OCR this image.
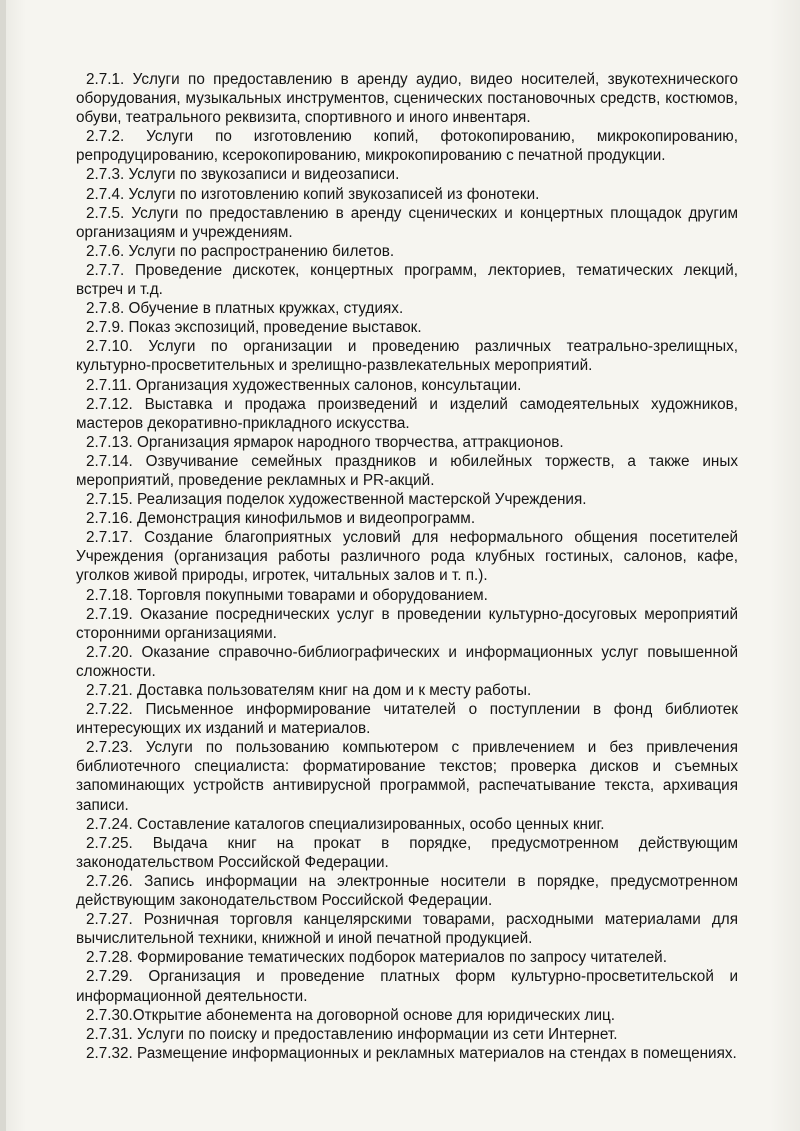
2.7.1. Услуги по предоставлению в аренду аудио, видео носителей, звукотехнического оборудования, музыкальных инструментов, сценических постановочных средств, костюмов, обуви, театрального реквизита, спортивного и иного инвентаря.

2.7.2. Услуги по изготовлению копий, фотокопированию, микрокопированию, репродуцированию, ксерокопированию, микрокопированию с печатной продукции.

2.7.3. Услуги по звукозаписи и видеозаписи.

2.7.4. Услуги по изготовлению копий звукозаписей из фонотеки.

2.7.5. Услуги по предоставлению в аренду сценических и концертных площадок другим организациям и учреждениям.

2.7.6. Услуги по распространению билетов.

2.7.7. Проведение дискотек, концертных программ, лекториев, тематических лекций, встреч и т.д.

2.7.8. Обучение в платных кружках, студиях.

2.7.9. Показ экспозиций, проведение выставок.

2.7.10. Услуги по организации и проведению различных театрально-зрелищных, культурно-просветительных и зрелищно-развлекательных мероприятий.

2.7.11. Организация художественных салонов, консультации.

2.7.12. Выставка и продажа произведений и изделий самодеятельных художников, мастеров декоративно-прикладного искусства.

2.7.13. Организация ярмарок народного творчества, аттракционов.

2.7.14. Озвучивание семейных праздников и юбилейных торжеств, а также иных мероприятий, проведение рекламных и PR-акций.

2.7.15. Реализация поделок художественной мастерской Учреждения.

2.7.16. Демонстрация кинофильмов и видеопрограмм.

2.7.17. Создание благоприятных условий для неформального общения посетителей Учреждения (организация работы различного рода клубных гостиных, салонов, кафе, уголков живой природы, игротек, читальных залов и т. п.).

2.7.18. Торговля покупными товарами и оборудованием.

2.7.19. Оказание посреднических услуг в проведении культурно-досуговых мероприятий сторонними организациями.

2.7.20. Оказание справочно-библиографических и информационных услуг повышенной сложности.

2.7.21. Доставка пользователям книг на дом и к месту работы.

2.7.22. Письменное информирование читателей о поступлении в фонд библиотек интересующих их изданий и материалов.

2.7.23. Услуги по пользованию компьютером с привлечением и без привлечения библиотечного специалиста: форматирование текстов; проверка дисков и съемных запоминающих устройств антивирусной программой, распечатывание текста, архивация записи.

2.7.24. Составление каталогов специализированных, особо ценных книг.

2.7.25. Выдача книг на прокат в порядке, предусмотренном действующим законодательством Российской Федерации.

2.7.26. Запись информации на электронные носители в порядке, предусмотренном действующим законодательством Российской Федерации.

2.7.27. Розничная торговля канцелярскими товарами, расходными материалами для вычислительной техники, книжной и иной печатной продукцией.

2.7.28. Формирование тематических подборок материалов по запросу читателей.

2.7.29. Организация и проведение платных форм культурно-просветительской и информационной деятельности.

2.7.30.Открытие абонемента на договорной основе для юридических лиц.

2.7.31. Услуги по поиску и предоставлению информации из сети Интернет.

2.7.32. Размещение информационных и рекламных материалов на стендах в помещениях.
